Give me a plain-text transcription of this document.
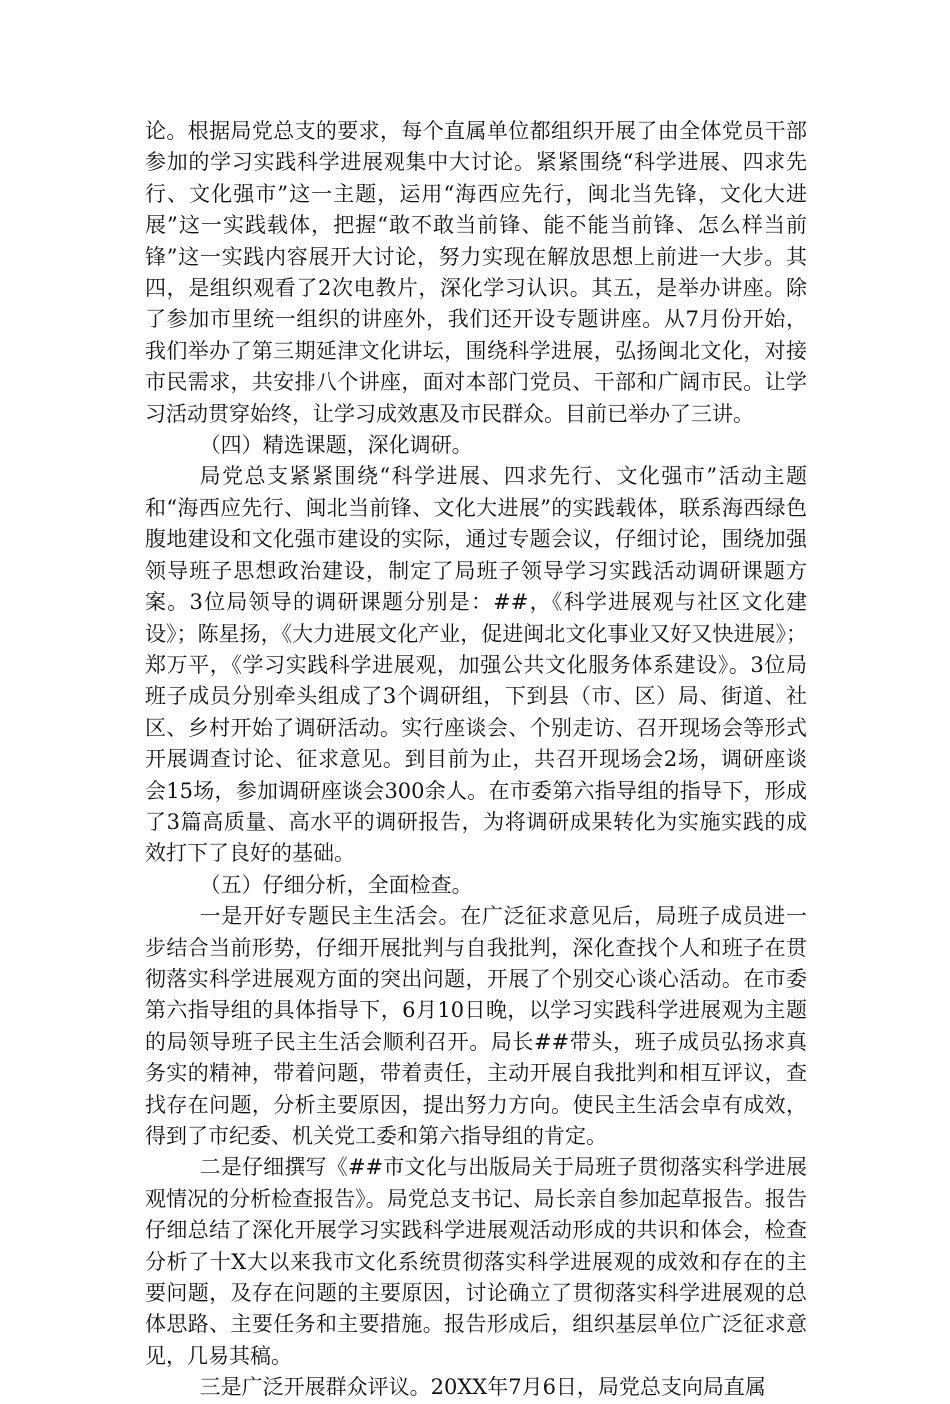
论。根据局党总支的要求，每个直属单位都组织开展了由全体党员干部参加的学习实践科学进展观集中大讨论。紧紧围绕“科学进展、四求先行、文化强市”这一主题，运用“海西应先行，闽北当先锋，文化大进展”这一实践载体，把握“敢不敢当前锋、能不能当前锋、怎么样当前锋”这一实践内容展开大讨论，努力实现在解放思想上前进一大步。其四，是组织观看了2次电教片，深化学习认识。其五，是举办讲座。除了参加市里统一组织的讲座外，我们还开设专题讲座。从7月份开始，我们举办了第三期延津文化讲坛，围绕科学进展，弘扬闽北文化，对接市民需求，共安排八个讲座，面对本部门党员、干部和广阔市民。让学习活动贯穿始终，让学习成效惠及市民群众。目前已举办了三讲。

（四）精选课题，深化调研。

局党总支紧紧围绕“科学进展、四求先行、文化强市”活动主题和“海西应先行、闽北当前锋、文化大进展”的实践载体，联系海西绿色腹地建设和文化强市建设的实际，通过专题会议，仔细讨论，围绕加强领导班子思想政治建设，制定了局班子领导学习实践活动调研课题方案。3位局领导的调研课题分别是：##，《科学进展观与社区文化建设》；陈星扬，《大力进展文化产业，促进闽北文化事业又好又快进展》；郑万平，《学习实践科学进展观，加强公共文化服务体系建设》。3位局班子成员分别牵头组成了3个调研组，下到县（市、区）局、街道、社区、乡村开始了调研活动。实行座谈会、个别走访、召开现场会等形式开展调查讨论、征求意见。到目前为止，共召开现场会2场，调研座谈会15场，参加调研座谈会300余人。在市委第六指导组的指导下，形成了3篇高质量、高水平的调研报告，为将调研成果转化为实施实践的成效打下了良好的基础。

（五）仔细分析，全面检查。

一是开好专题民主生活会。在广泛征求意见后，局班子成员进一步结合当前形势，仔细开展批判与自我批判，深化查找个人和班子在贯彻落实科学进展观方面的突出问题，开展了个别交心谈心活动。在市委第六指导组的具体指导下，6月10日晚，以学习实践科学进展观为主题的局领导班子民主生活会顺利召开。局长##带头，班子成员弘扬求真务实的精神，带着问题，带着责任，主动开展自我批判和相互评议，查找存在问题，分析主要原因，提出努力方向。使民主生活会卓有成效，得到了市纪委、机关党工委和第六指导组的肯定。

二是仔细撰写《##市文化与出版局关于局班子贯彻落实科学进展观情况的分析检查报告》。局党总支书记、局长亲自参加起草报告。报告仔细总结了深化开展学习实践科学进展观活动形成的共识和体会，检查分析了十X大以来我市文化系统贯彻落实科学进展观的成效和存在的主要问题，及存在问题的主要原因，讨论确立了贯彻落实科学进展观的总体思路、主要任务和主要措施。报告形成后，组织基层单位广泛征求意见，几易其稿。

三是广泛开展群众评议。20XX年7月6日，局党总支向局直属
